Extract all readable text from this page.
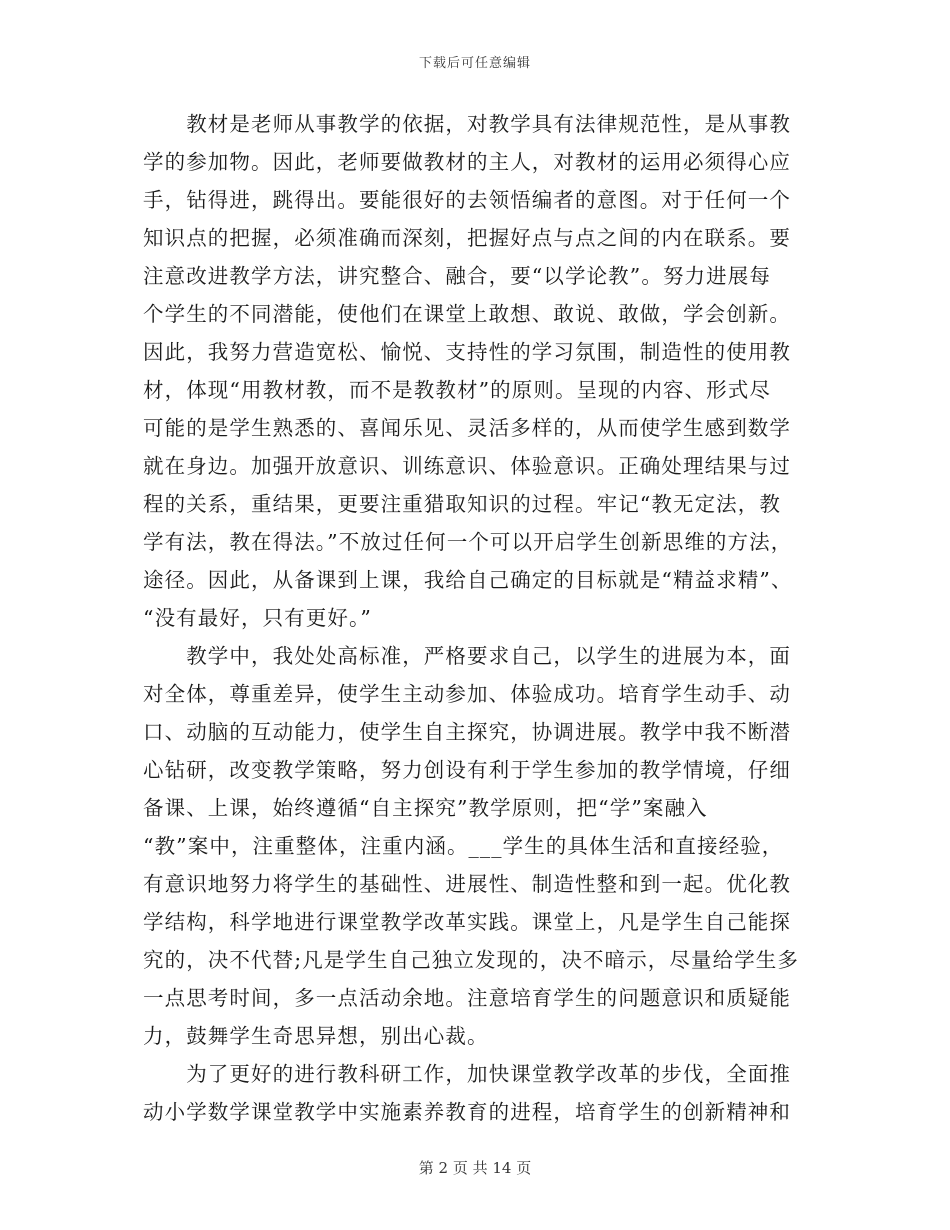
下载后可任意编辑
　　教材是老师从事教学的依据，对教学具有法律规范性，是从事教
学的参加物。因此，老师要做教材的主人，对教材的运用必须得心应
手，钻得进，跳得出。要能很好的去领悟编者的意图。对于任何一个
知识点的把握，必须准确而深刻，把握好点与点之间的内在联系。要
注意改进教学方法，讲究整合、融合，要“以学论教”。努力进展每
个学生的不同潜能，使他们在课堂上敢想、敢说、敢做，学会创新。
因此，我努力营造宽松、愉悦、支持性的学习氛围，制造性的使用教
材，体现“用教材教，而不是教教材”的原则。呈现的内容、形式尽
可能的是学生熟悉的、喜闻乐见、灵活多样的，从而使学生感到数学
就在身边。加强开放意识、训练意识、体验意识。正确处理结果与过
程的关系，重结果，更要注重猎取知识的过程。牢记“教无定法，教
学有法，教在得法。”不放过任何一个可以开启学生创新思维的方法，
途径。因此，从备课到上课，我给自己确定的目标就是“精益求精”、
“没有最好，只有更好。”
　　教学中，我处处高标准，严格要求自己，以学生的进展为本，面
对全体，尊重差异，使学生主动参加、体验成功。培育学生动手、动
口、动脑的互动能力，使学生自主探究，协调进展。教学中我不断潜
心钻研，改变教学策略，努力创设有利于学生参加的教学情境，仔细
备课、上课，始终遵循“自主探究”教学原则，把“学”案融入
“教”案中，注重整体，注重内涵。___学生的具体生活和直接经验，
有意识地努力将学生的基础性、进展性、制造性整和到一起。优化教
学结构，科学地进行课堂教学改革实践。课堂上，凡是学生自己能探
究的，决不代替;凡是学生自己独立发现的，决不暗示，尽量给学生多
一点思考时间，多一点活动余地。注意培育学生的问题意识和质疑能
力，鼓舞学生奇思异想，别出心裁。
　　为了更好的进行教科研工作，加快课堂教学改革的步伐，全面推
动小学数学课堂教学中实施素养教育的进程，培育学生的创新精神和
第 2 页 共 14 页
